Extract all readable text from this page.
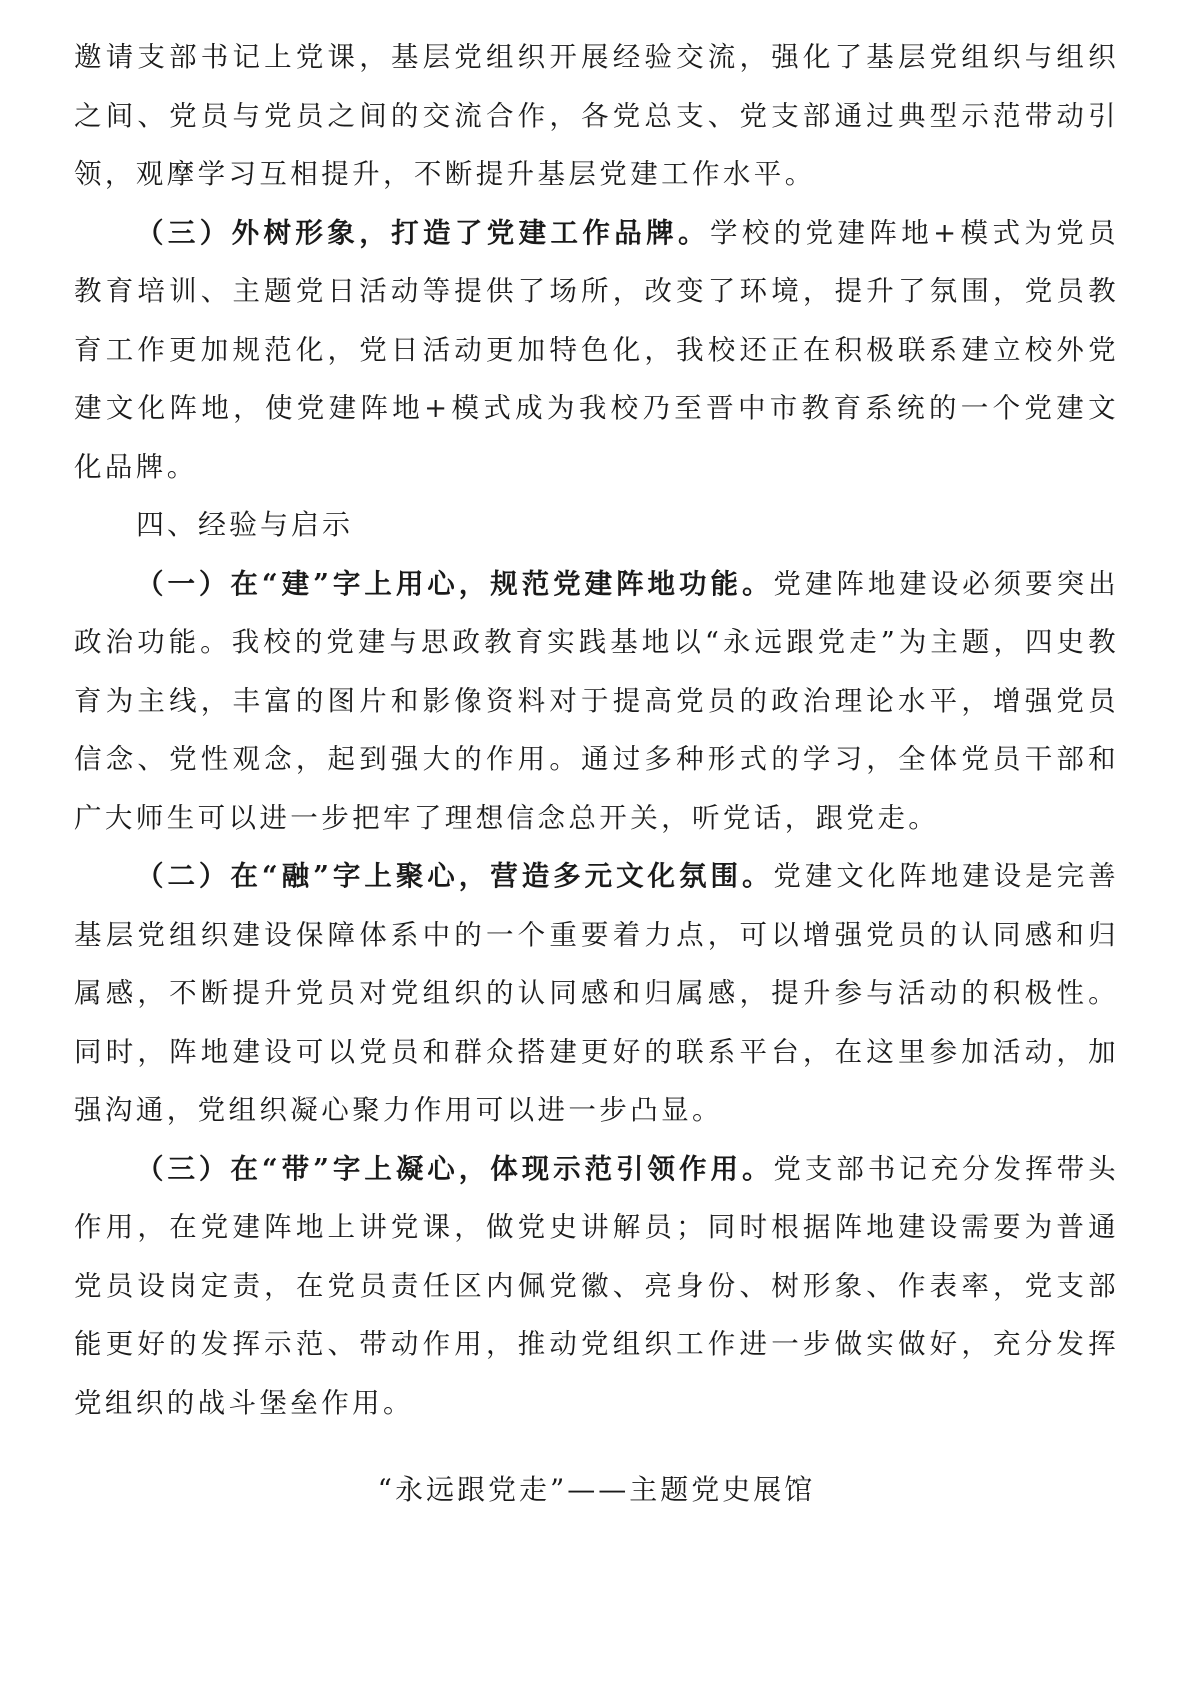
邀请支部书记上党课，基层党组织开展经验交流，强化了基层党组织与组织之间、党员与党员之间的交流合作，各党总支、党支部通过典型示范带动引领，观摩学习互相提升，不断提升基层党建工作水平。

（三）外树形象，打造了党建工作品牌。学校的党建阵地+模式为党员教育培训、主题党日活动等提供了场所，改变了环境，提升了氛围，党员教育工作更加规范化，党日活动更加特色化，我校还正在积极联系建立校外党建文化阵地，使党建阵地+模式成为我校乃至晋中市教育系统的一个党建文化品牌。

四、经验与启示

（一）在“建”字上用心，规范党建阵地功能。党建阵地建设必须要突出政治功能。我校的党建与思政教育实践基地以“永远跟党走”为主题，四史教育为主线，丰富的图片和影像资料对于提高党员的政治理论水平，增强党员信念、党性观念，起到强大的作用。通过多种形式的学习，全体党员干部和广大师生可以进一步把牢了理想信念总开关，听党话，跟党走。

（二）在“融”字上聚心，营造多元文化氛围。党建文化阵地建设是完善基层党组织建设保障体系中的一个重要着力点，可以增强党员的认同感和归属感，不断提升党员对党组织的认同感和归属感，提升参与活动的积极性。同时，阵地建设可以党员和群众搭建更好的联系平台，在这里参加活动，加强沟通，党组织凝心聚力作用可以进一步凸显。

（三）在“带”字上凝心，体现示范引领作用。党支部书记充分发挥带头作用，在党建阵地上讲党课，做党史讲解员；同时根据阵地建设需要为普通党员设岗定责，在党员责任区内佩党徽、亮身份、树形象、作表率，党支部能更好的发挥示范、带动作用，推动党组织工作进一步做实做好，充分发挥党组织的战斗堡垒作用。

“永远跟党走”——主题党史展馆
